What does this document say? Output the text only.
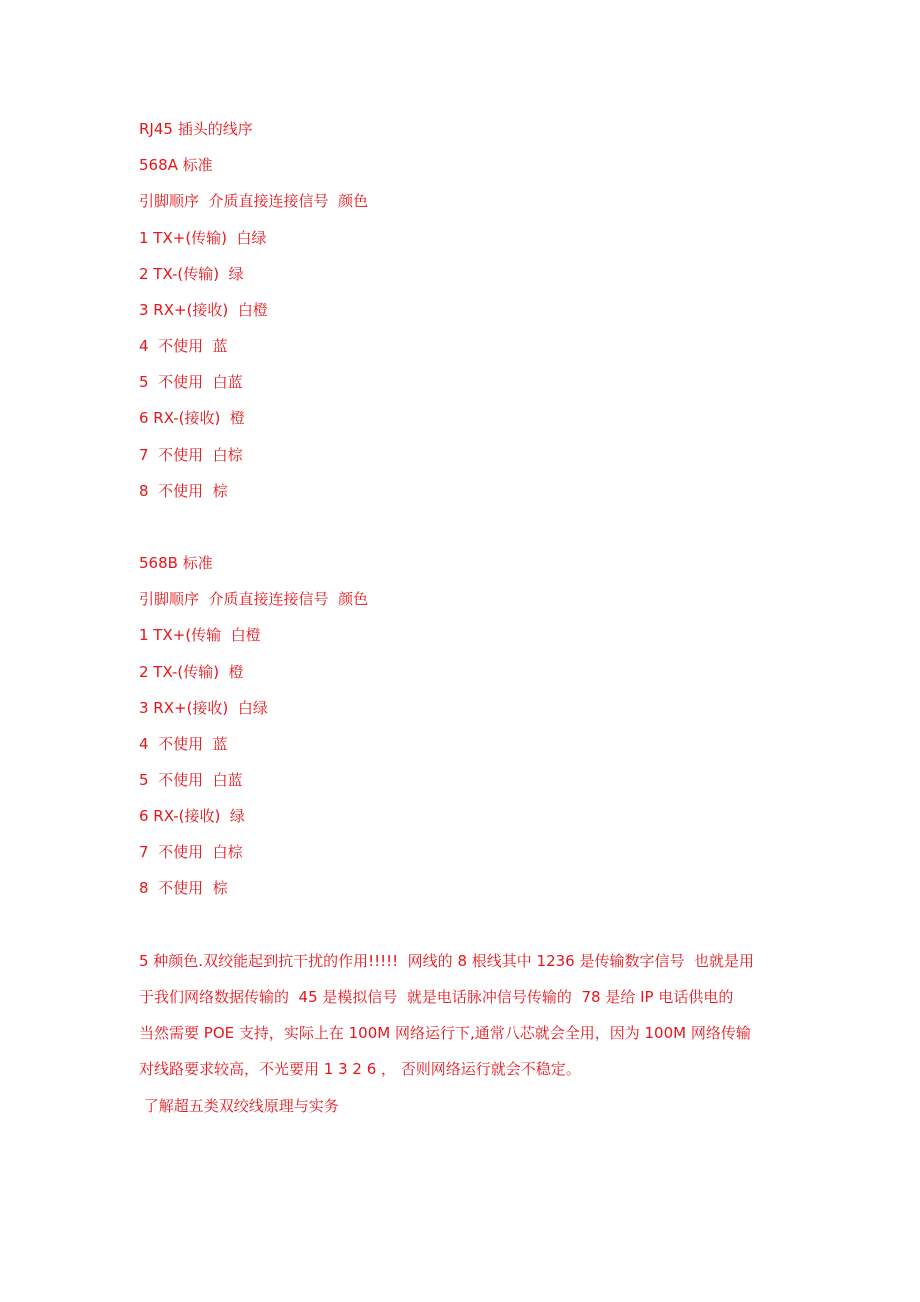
RJ45 插头的线序
568A 标准
引脚顺序  介质直接连接信号  颜色
1 TX+(传输)  白绿
2 TX-(传输)  绿
3 RX+(接收)  白橙
4  不使用  蓝
5  不使用  白蓝
6 RX-(接收)  橙
7  不使用  白棕
8  不使用  棕
568B 标准
引脚顺序  介质直接连接信号  颜色
1 TX+(传输  白橙
2 TX-(传输)  橙
3 RX+(接收)  白绿
4  不使用  蓝
5  不使用  白蓝
6 RX-(接收)  绿
7  不使用  白棕
8  不使用  棕
5 种颜色.双绞能起到抗干扰的作用!!!!!  网线的 8 根线其中 1236 是传输数字信号  也就是用
于我们网络数据传输的  45 是模拟信号  就是电话脉冲信号传输的  78 是给 IP 电话供电的
当然需要 POE 支持，实际上在 100M 网络运行下,通常八芯就会全用，因为 100M 网络传输
对线路要求较高，不光要用 1 3 2 6 ， 否则网络运行就会不稳定。
了解超五类双绞线原理与实务
